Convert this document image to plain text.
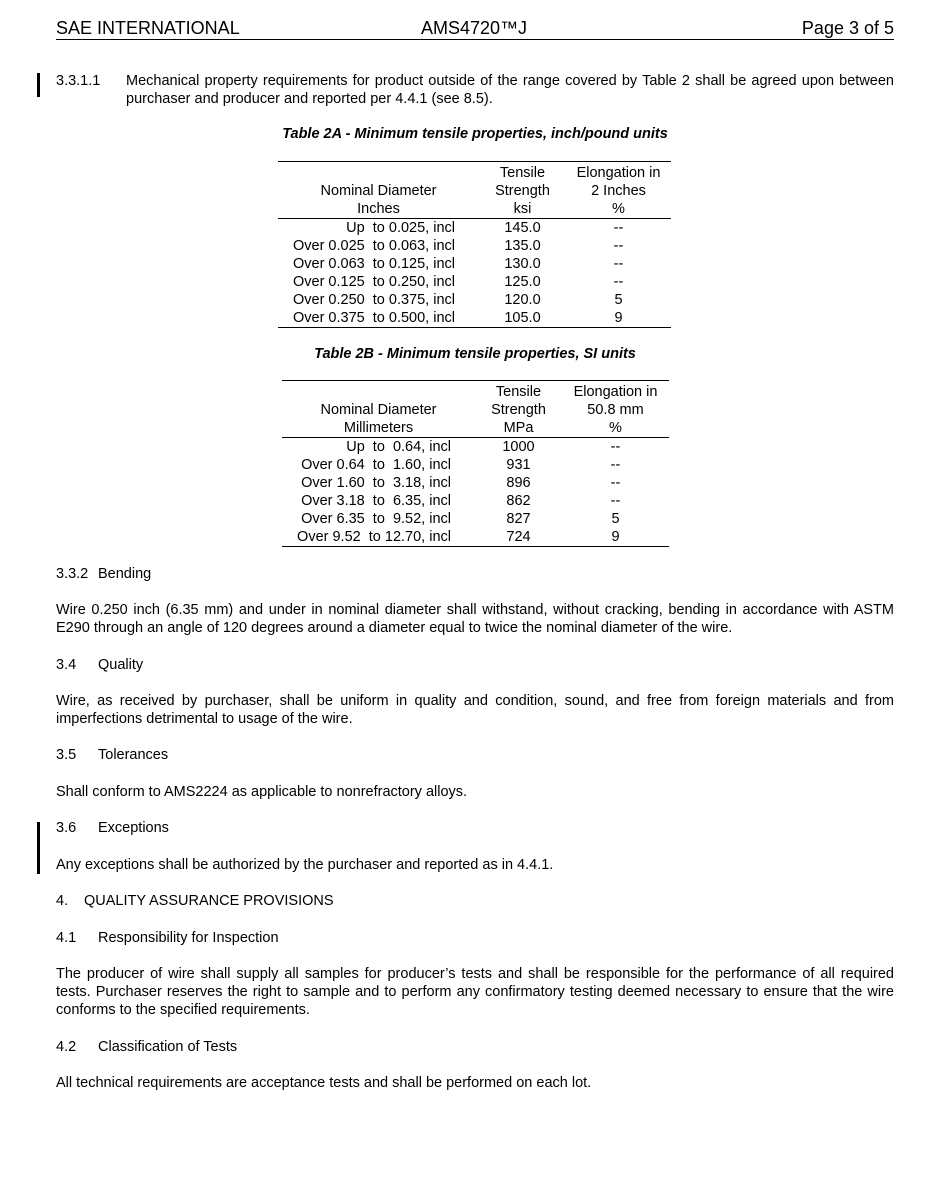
SAE INTERNATIONAL	AMS4720™J	Page 3 of 5
3.3.1.1 Mechanical property requirements for product outside of the range covered by Table 2 shall be agreed upon between purchaser and producer and reported per 4.4.1 (see 8.5).
Table 2A - Minimum tensile properties, inch/pound units
	Tensile	Elongation in
Nominal Diameter	Strength	2 Inches
Inches	ksi	%
Up  to 0.025, incl	145.0	--
Over 0.025  to 0.063, incl	135.0	--
Over 0.063  to 0.125, incl	130.0	--
Over 0.125  to 0.250, incl	125.0	--
Over 0.250  to 0.375, incl	120.0	5
Over 0.375  to 0.500, incl	105.0	9
Table 2B - Minimum tensile properties, SI units
	Tensile	Elongation in
Nominal Diameter	Strength	50.8 mm
Millimeters	MPa	%
Up  to  0.64, incl	1000	--
Over 0.64  to  1.60, incl	931	--
Over 1.60  to  3.18, incl	896	--
Over 3.18  to  6.35, incl	862	--
Over 6.35  to  9.52, incl	827	5
Over 9.52  to 12.70, incl	724	9
3.3.2 Bending
Wire 0.250 inch (6.35 mm) and under in nominal diameter shall withstand, without cracking, bending in accordance with ASTM E290 through an angle of 120 degrees around a diameter equal to twice the nominal diameter of the wire.
3.4 Quality
Wire, as received by purchaser, shall be uniform in quality and condition, sound, and free from foreign materials and from imperfections detrimental to usage of the wire.
3.5 Tolerances
Shall conform to AMS2224 as applicable to nonrefractory alloys.
3.6 Exceptions
Any exceptions shall be authorized by the purchaser and reported as in 4.4.1.
4. QUALITY ASSURANCE PROVISIONS
4.1 Responsibility for Inspection
The producer of wire shall supply all samples for producer’s tests and shall be responsible for the performance of all required tests. Purchaser reserves the right to sample and to perform any confirmatory testing deemed necessary to ensure that the wire conforms to the specified requirements.
4.2 Classification of Tests
All technical requirements are acceptance tests and shall be performed on each lot.
